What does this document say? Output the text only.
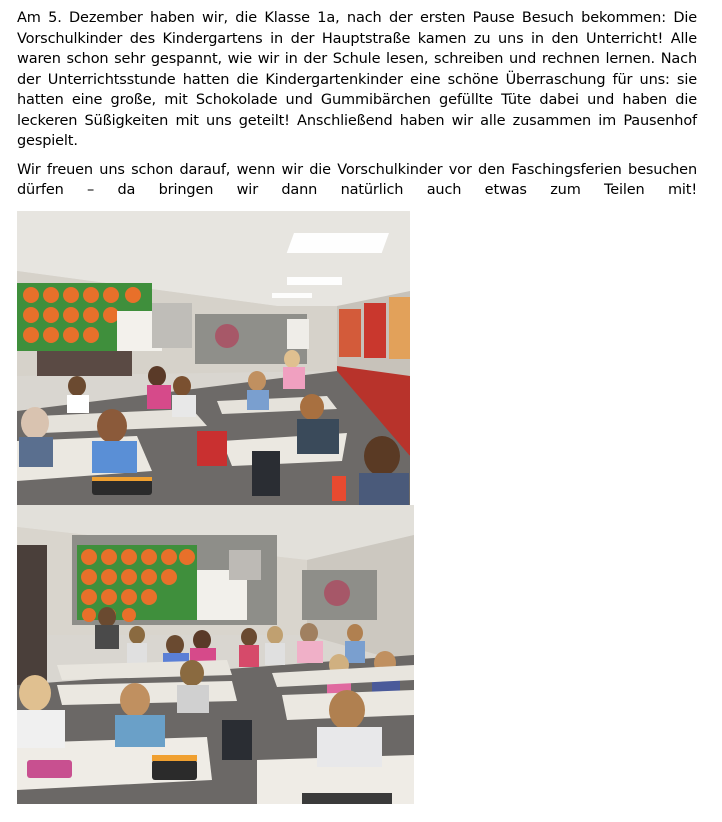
Am 5. Dezember haben wir, die Klasse 1a, nach der ersten Pause Besuch bekommen: Die Vorschulkinder des Kindergartens in der Hauptstraße kamen zu uns in den Unterricht! Alle waren schon sehr gespannt, wie wir in der Schule lesen, schreiben und rechnen lernen. Nach der Unterrichtsstunde hatten die Kindergartenkinder eine schöne Überraschung für uns: sie hatten eine große, mit Schokolade und Gummibärchen gefüllte Tüte dabei und haben die leckeren Süßigkeiten mit uns geteilt! Anschließend haben wir alle zusammen im Pausenhof gespielt.

Wir freuen uns schon darauf, wenn wir die Vorschulkinder vor den Faschingsferien besuchen dürfen – da bringen wir dann natürlich auch etwas zum Teilen mit!
